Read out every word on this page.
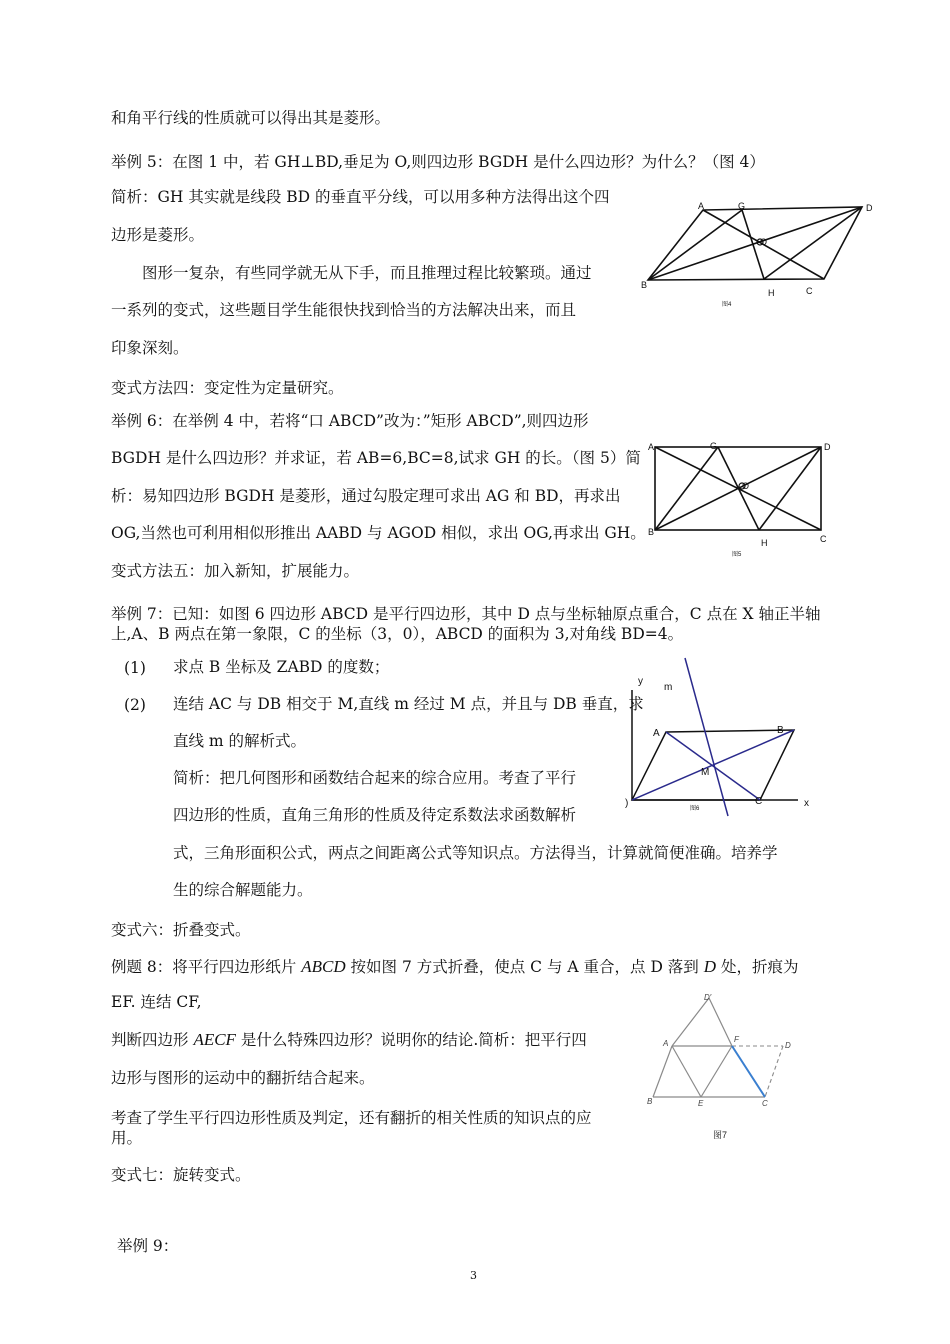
和角平行线的性质就可以得出其是菱形。
举例 5：在图 1 中，若 GH⊥BD,垂足为 O,则四边形 BGDH 是什么四边形？为什么？（图 4）
简析：GH 其实就是线段 BD 的垂直平分线，可以用多种方法得出这个四
边形是菱形。
图形一复杂，有些同学就无从下手，而且推理过程比较繁琐。通过
一系列的变式，这些题目学生能很快找到恰当的方法解决出来，而且
印象深刻。
变式方法四：变定性为定量研究。
举例 6：在举例 4 中，若将“口 ABCD”改为：”矩形 ABCD”,则四边形
BGDH 是什么四边形？并求证，若 AB=6,BC=8,试求 GH 的长。（图 5）简
析：易知四边形 BGDH 是菱形，通过勾股定理可求出 AG 和 BD，再求出
OG,当然也可利用相似形推出 AABD 与 AGOD 相似，求出 OG,再求出 GH。
变式方法五：加入新知，扩展能力。
举例 7：已知：如图 6 四边形 ABCD 是平行四边形，其中 D 点与坐标轴原点重合，C 点在 X 轴正半轴
上,A、B 两点在第一象限，C 的坐标（3，0），ABCD 的面积为 3,对角线 BD=4。
(1) 求点 B 坐标及 ZABD 的度数；
(2) 连结 AC 与 DB 相交于 M,直线 m 经过 M 点，并且与 DB 垂直，求
直线 m 的解析式。
简析：把几何图形和函数结合起来的综合应用。考查了平行
四边形的性质，直角三角形的性质及待定系数法求函数解析
式，三角形面积公式，两点之间距离公式等知识点。方法得当，计算就简便准确。培养学
生的综合解题能力。
变式六：折叠变式。
例题 8：将平行四边形纸片 ABCD 按如图 7 方式折叠，使点 C 与 A 重合，点 D 落到 D 处，折痕为
EF. 连结 CF,
判断四边形 AECF 是什么特殊四边形？说明你的结论.简析：把平行四
边形与图形的运动中的翻折结合起来。
考查了学生平行四边形性质及判定，还有翻折的相关性质的知识点的应
用。
变式七：旋转变式。
举例 9：
3
A	G	D
O
B
H	C
图4
A	G	D
O
B
H	C
图5
y
m
A	B
M
)	C	x
图6
D′
A	F
D
B	E	C
图7
